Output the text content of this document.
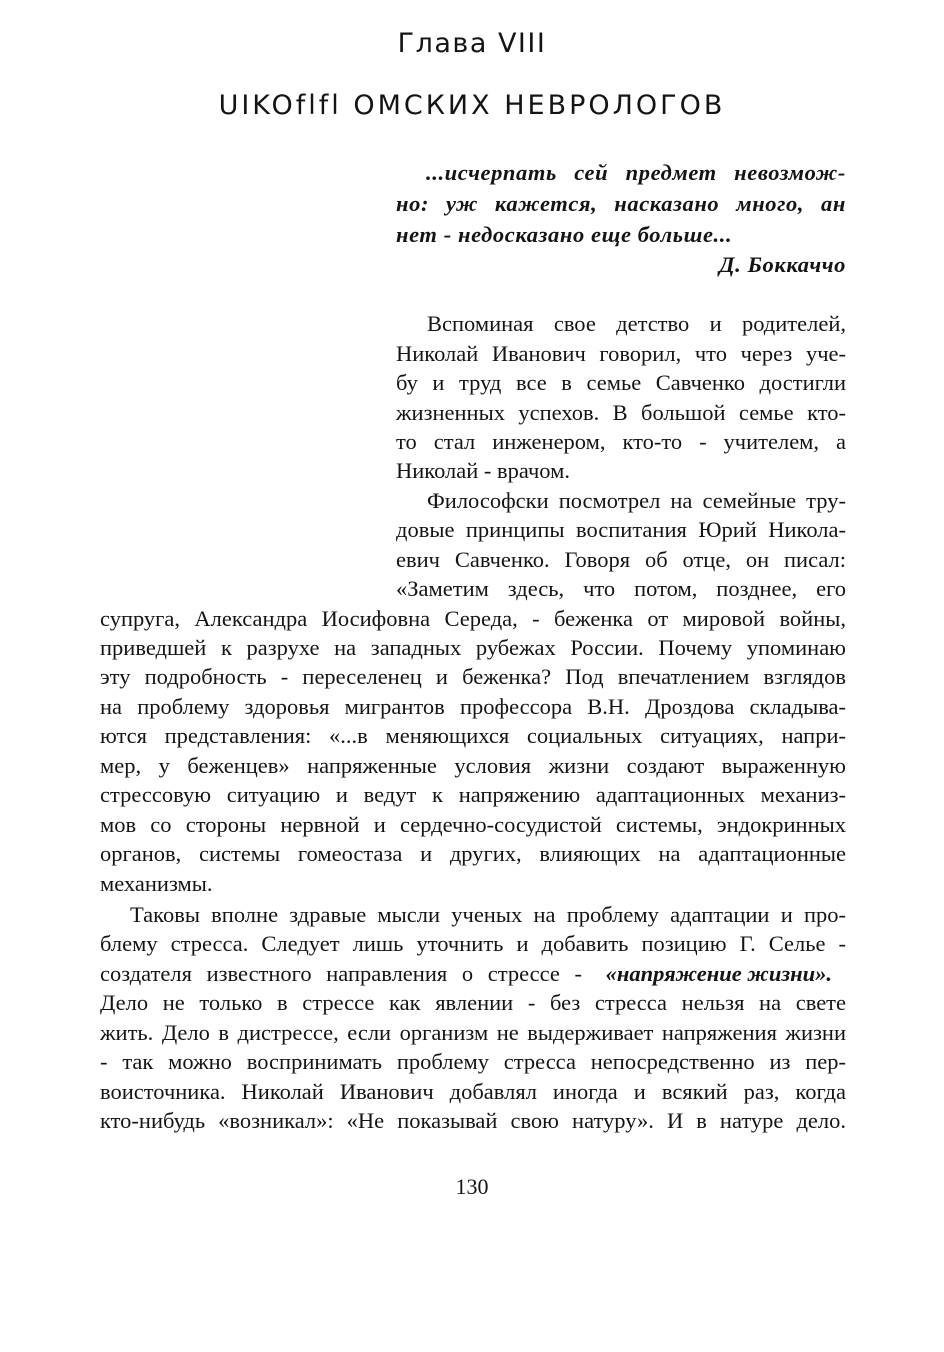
Глава VIII
UIKOflfl ОМСКИХ НЕВРОЛОГОВ
...исчерпать сей предмет невозмож-
но: уж кажется, насказано много, ан
нет - недосказано еще больше...
Д. Боккаччо
Вспоминая свое детство и родителей,
Николай Иванович говорил, что через уче-
бу и труд все в семье Савченко достигли
жизненных успехов. В большой семье кто-
то стал инженером, кто-то - учителем, а
Николай - врачом.
Философски посмотрел на семейные тру-
довые принципы воспитания Юрий Никола-
евич Савченко. Говоря об отце, он писал:
«Заметим здесь, что потом, позднее, его
супруга, Александра Иосифовна Середа, - беженка от мировой войны,
приведшей к разрухе на западных рубежах России. Почему упоминаю
эту подробность - переселенец и беженка? Под впечатлением взглядов
на проблему здоровья мигрантов профессора В.Н. Дроздова складыва-
ются представления: «...в меняющихся социальных ситуациях, напри-
мер, у беженцев» напряженные условия жизни создают выраженную
стрессовую ситуацию и ведут к напряжению адаптационных механиз-
мов со стороны нервной и сердечно-сосудистой системы, эндокринных
органов, системы гомеостаза и других, влияющих на адаптационные
механизмы.
Таковы вполне здравые мысли ученых на проблему адаптации и про-
блему стресса. Следует лишь уточнить и добавить позицию Г. Селье -
создателя известного направления о стрессе - «напряжение жизни».
Дело не только в стрессе как явлении - без стресса нельзя на свете
жить. Дело в дистрессе, если организм не выдерживает напряжения жизни
- так можно воспринимать проблему стресса непосредственно из пер-
воисточника. Николай Иванович добавлял иногда и всякий раз, когда
кто-нибудь «возникал»: «Не показывай свою натуру». И в натуре дело.
130
